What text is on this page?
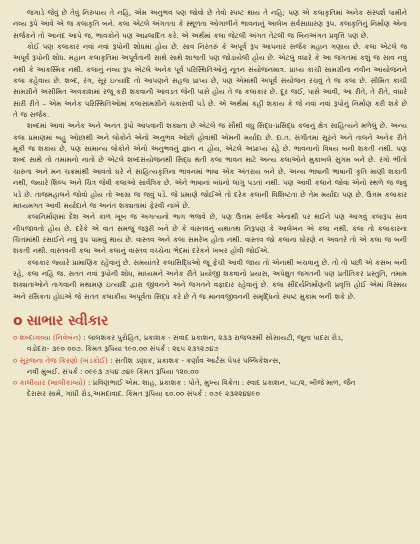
જગાડે જેવું છે તેવું નિરુપાય તે નહિ, એમ અનુભવ પણ જોવો છે તેવો સ્પષ્ટ થાય તે નહિ; પણ એ કલાકૃતિમાં અનેક સંસ્પર્શ પામીને નવ્ય રૂપે આવે એ જ કલાકૃતિ બને. કલા એટલે અંગતતા કે સ્થૂળતા ઓગાળીને ભાવનાનું આલેખ સર્વસાધારણ રૂપ. કલાકૃતિનું નિર્માણ એના સર્જકને તો આનંદ આપે જ, ભાવકોને પણ આહ્લાદિત કરે. એ અર્થમાં કલા જેટલી અંગત તેટલી જ બિનઅંગત પ્રવૃત્તિ પણ છે.

કોઈ પણ કલાકાર નવાં નવાં રૂપોની શોધમાં હોય છે. સાવ નિરંતરું કે અપૂર્વ રૂપ આપનાર સર્જક મહાન ગણાય છે. કલા એટલે જ અપૂર્વ રૂપોની શોધ. મહાન કલાકૃતિમાં અપૂર્વતાની સાથે સાથે શાશ્વતી પણ જોડાયેલી હોય છે. એટલું વધારે કે આ જગતમાં કશું જ સાવ નવું નથી કે આકસ્મિક નથી. કલાનું નવ્ય રૂપ એટલે અનેક પૂર્વ પરિસ્થિતિઓનું નૂતન સંયોજનમાત્ર. પ્રાપ્ય કાચી સામગ્રીના નવીન આયોજનને કલા કહેવાય છે. શબ્દ, રંગ, સૂર ઇત્યાદિ તો આપણને સહજ પ્રાપ્ય છે, પણ એમાંથી અપૂર્વ સંયોજન રચવું તે જ કલા છે. સીમિત કાચી સામગ્રીને અસીમિત અવકાશમાં રજૂ કરી શકવાની આવડત જેની પાસે હોય તે જ કલાકાર છે. દૂર જઈ, પાસે આવી, આ રીતે, તે રીતે, વધારે સારી રીતે – એમ અનેક પરિસ્થિતિઓમાં કલાસામગ્રીને ચકાસવી પડે છે. એ અર્થમાં કહી શકાય કે જે નવાં નવાં રૂપોનું નિર્માણ કરી શકે છે તે જ સર્જક.

શબ્દમાં આવાં અનેક અને અનંત રૂપો આપવાની શક્યતા છે એટલે જ સૌથી વધુ સિદ્ધ-પ્રસિદ્ધ કલાનું ક્ષેત્ર સાહિત્યને મળેલું છે. અન્ય કલા પ્રમાણમાં બહુ ઓછાથી અને લોકોને એનો અનુભવ ઓછો હોવાથી એમની મર્યાદા છે. દા.ત. સંગીતમાં સૂરને અને તાલને અનેક રીતે મૂકી જ શકાય છે, પણ સામાન્ય લોકોને એનો અનુભવનું જ્ઞાન ન હોય, એટલે અપ્રાપ્ય રહે છે. ભાવનાનો વિષય બની શકતી નથી. પણ શબ્દ સાથે તો તમામનો નાતો છે એટલે શબ્દસંયોજનથી સિદ્ધ થતી કલા ભાવન માટે અન્ય કલાઓને મુકાબલે સુગમ બને છે. રંગો ભીંતો ચારુતા અને મન ચક્રમાંથી આવતો ઘરે ને સાહિત્યકૃતિના ભાવનમાં ભાષા એક અંતરાય બને છે. અન્ય ભાષાની ભાષાની કૃતિ માણી શકાતી નથી, જ્યારે શિલ્પ અને ચિત્ર જેવી કલાઓ સાર્વત્રિક છે. એને ભાષાનાં બંધનો લાગુ પડતાં નથી. પણ આવી કલાને જોવા એનો સ્થળે જ જવું પડે છે. તાજમહાલને જોવો હોય તો આગ્રા જ જવું પડે. જે પ્રમાણે જોઈએ તો દરેક કલાની વિશિષ્ટતા છે તેમ મર્યાદા પણ છે. ઉત્તમ કલાકાર માધ્યમગત આવી મર્યાદાને જ અનંત શક્યતામાં ફેરવી નાખે છે.

કલાનિર્માણમાં દેશ અને કાળ ખૂબ જ અગત્યનો ભાગ ભજવે છે, પણ ઉત્તમ સર્જક એનાથી પર થઈને પણ આગવું કલારૂપ સાવ નીપજાવતો હોય છે. દરેકે એ વાત સમજું જરૂરી બને છે કે વાસ્તવનું યથાતથ નિરૂપણ કે આલેખન એ કલા નથી. કલા તો કલાકારના ચિત્તમાંથી રસાઈને નવું રૂપ પામવું થાય છે. વાસ્તવ અને કલા સમરેખ હોતા નથી. વાસ્તવ જો કલાના ઘોરણે ન અવતરે તો એ કલા જ બની શકતી નથી. વાસ્તવની કલા અને કલાનું વાસ્તવ વચ્ચેના ભેદમાં દરેકને ખબર હોવી જોઈએ.

કલાકાર જ્યારે પ્રામાણિક રહેવાનું છે. સમયાંતરે કલાસિદ્ધિઓ જૂ ફેંચી આવી જાય તો એનાથી બચવાનું છે. તો તો પછી એ કસબ બની રહે, કલા નહિ જ. સતત નવાં રૂપોની શોધ, માધ્યમને અનેક રીતે પ્રયોજી શકવાનો પ્રયાસ, અપેક્ષુત જગતની પણ પ્રતીતિકર પ્રસ્તુતિ, તમામ શક્યતાઓને તાગવાની મથામણ ઇત્યાદિ દ્વારા જીવનને અને જગતને વફાદાર રહેવાનું છે. કલા સૌંદર્યનિર્માણની પ્રવૃત્તિ હોઈ એમાં વિસ્મય અને રસિકતા હોઇએ જે સતત કલાકીય અપૂર્વતા સિદ્ધ કરે છે તે જ માનવજીવનની સમૃદ્ધિનો સ્પષ્ટ મુકામ બની શકે છે.

o સાભાર સ્વીકાર
૦ શબ્દધ્વવ્યા (નિવેબંન) : લાલશંકર પુરોહિત, પ્રકાશક - સંવાદ પ્રકાશન, ૨૩૩ રાજલક્ષ્મી સોસાયટી, જૂના પાદરા રોડ,
વડોદરા- ૩૯૦ ૦૦૭. કિંમત રૂપિયા ૧૯૦.૦૦ સંપર્ક : ૨૬૫ ૨૩૧૨૭૪૭
૦ સૂરજના તેજ કિરણો (ખંડકોઈ) : સતીશ ડણાક, પ્રકાશક - કર્ણાવ આર્ટસ પેપર પબ્લિકેશન્સ,
નવી મુંબઈ. સંપર્ક : ૦૯૯૩ ૭૫૪ ૭૪૯ કિંમત રૂપિયા ૧૨૦.૦૦
૦ કાલીયાર (ખાલીકાવ્યો) : પ્રવિણભાઈ એમ. શાહ, પ્રકાશક : પોતે, મુખ્ય વિક્રેતા : સ્વાદ પ્રકાશન, ૫૮/૨, બીજે માળ, જૈન
દેરાસર સામે, ગાંધી રોડ,અમદાવાદ. કિંમત રૂપિયા ૬૦.૦૦ સંપર્ક : ૦૭૯ ૨૩૨૨૪૪૯૦
